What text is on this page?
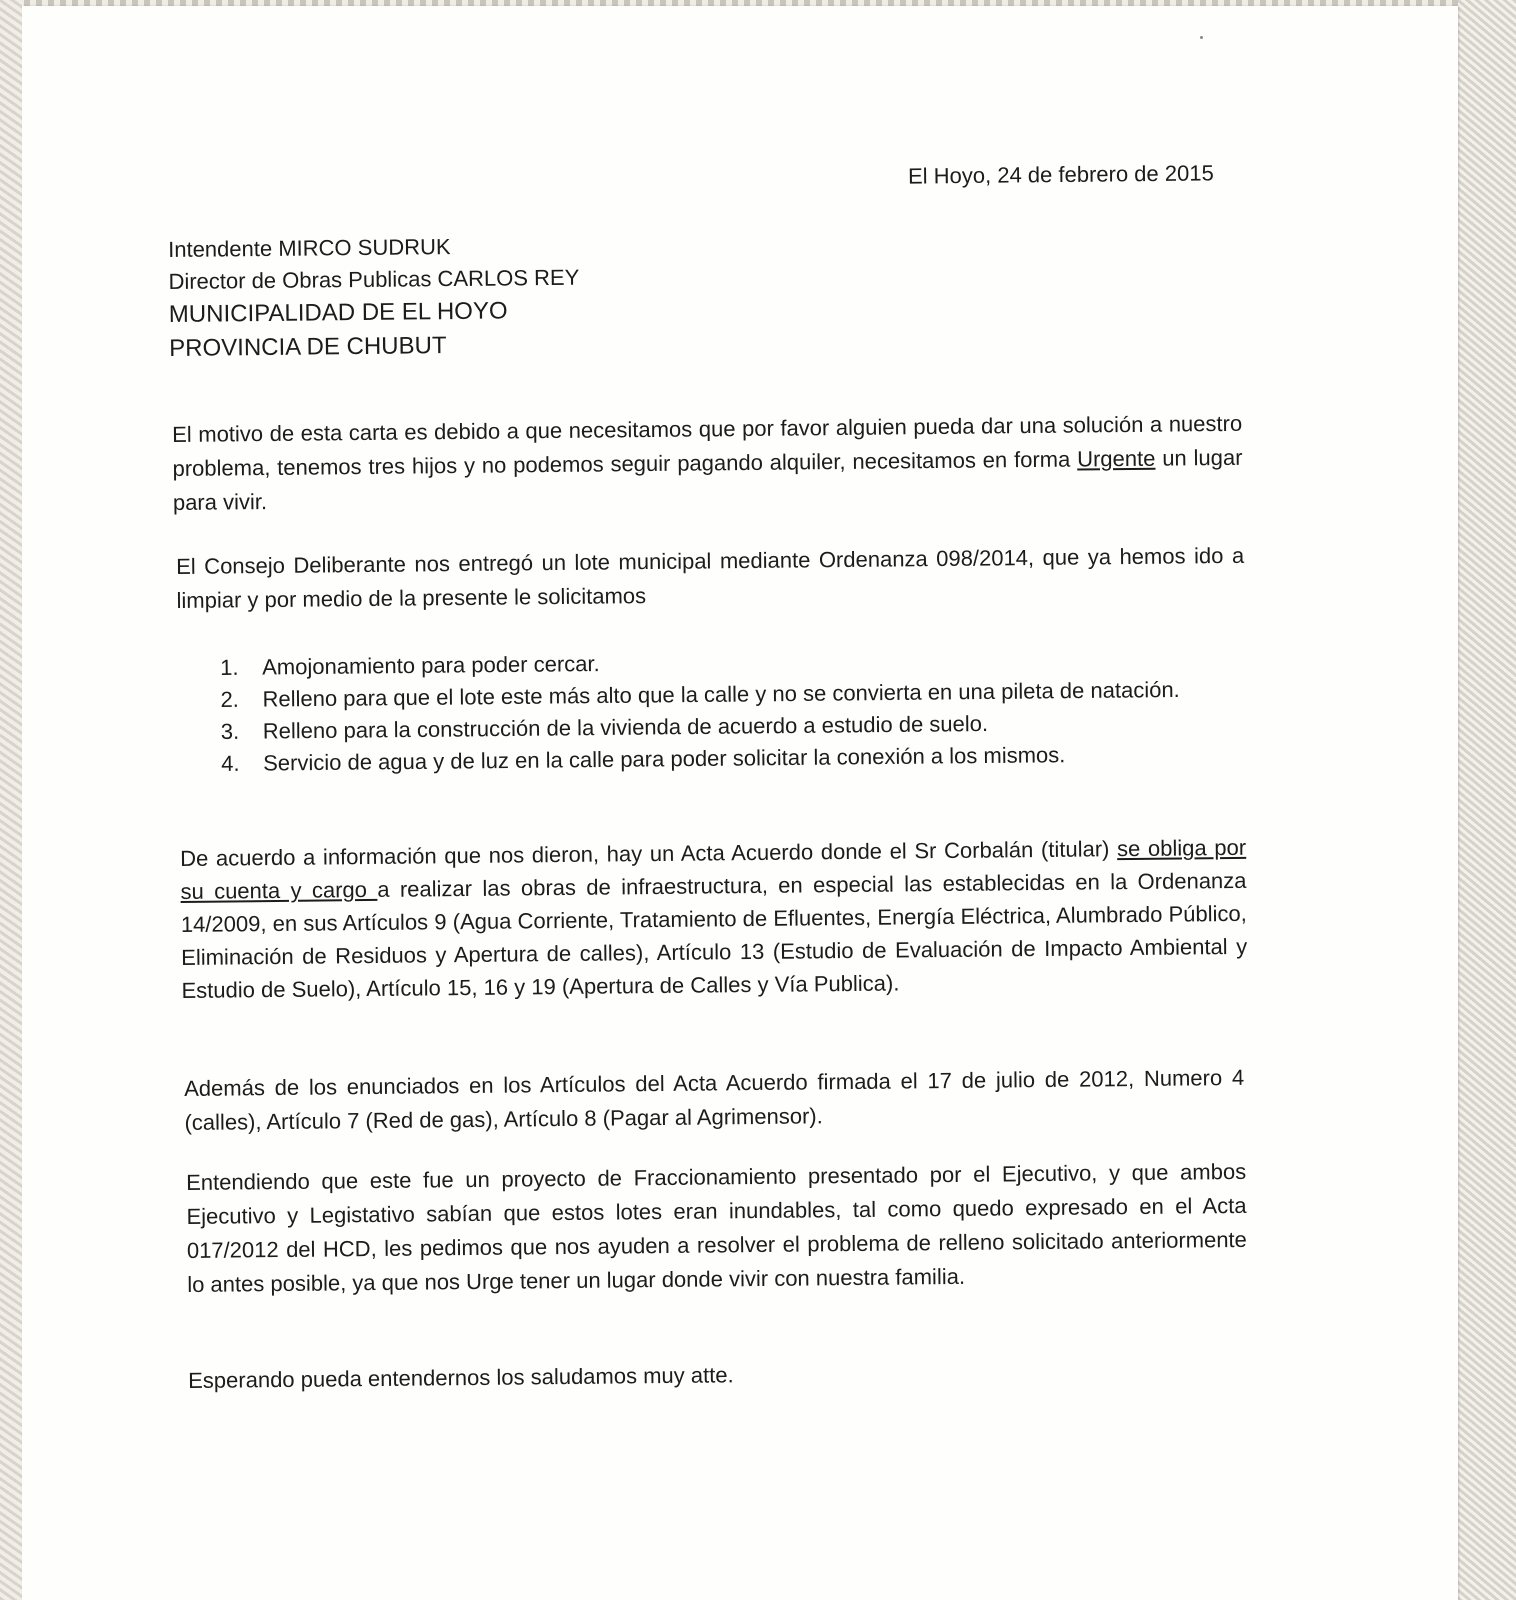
El Hoyo, 24 de febrero de 2015
Intendente MIRCO SUDRUK
Director de Obras Publicas CARLOS REY
MUNICIPALIDAD DE EL HOYO
PROVINCIA DE CHUBUT
El motivo de esta carta es debido a que necesitamos que por favor alguien pueda dar una solución a nuestro problema, tenemos tres hijos y no podemos seguir pagando alquiler, necesitamos en forma Urgente un lugar para vivir.
El Consejo Deliberante nos entregó un lote municipal mediante Ordenanza 098/2014, que ya hemos ido a limpiar y por medio de la presente le solicitamos
1. Amojonamiento para poder cercar.
2. Relleno para que el lote este más alto que la calle y no se convierta en una pileta de natación.
3. Relleno para la construcción de la vivienda de acuerdo a estudio de suelo.
4. Servicio de agua y de luz en la calle para poder solicitar la conexión a los mismos.
De acuerdo a información que nos dieron, hay un Acta Acuerdo donde el Sr Corbalán (titular) se obliga por su cuenta y cargo a realizar las obras de infraestructura, en especial las establecidas en la Ordenanza 14/2009, en sus Artículos 9 (Agua Corriente, Tratamiento de Efluentes, Energía Eléctrica, Alumbrado Público, Eliminación de Residuos y Apertura de calles), Artículo 13 (Estudio de Evaluación de Impacto Ambiental y Estudio de Suelo), Artículo 15, 16 y 19 (Apertura de Calles y Vía Publica).
Además de los enunciados en los Artículos del Acta Acuerdo firmada el 17 de julio de 2012, Numero 4 (calles), Artículo 7 (Red de gas), Artículo 8 (Pagar al Agrimensor).
Entendiendo que este fue un proyecto de Fraccionamiento presentado por el Ejecutivo, y que ambos Ejecutivo y Legistativo sabían que estos lotes eran inundables, tal como quedo expresado en el Acta 017/2012 del HCD, les pedimos que nos ayuden a resolver el problema de relleno solicitado anteriormente lo antes posible, ya que nos Urge tener un lugar donde vivir con nuestra familia.
Esperando pueda entendernos los saludamos muy atte.
